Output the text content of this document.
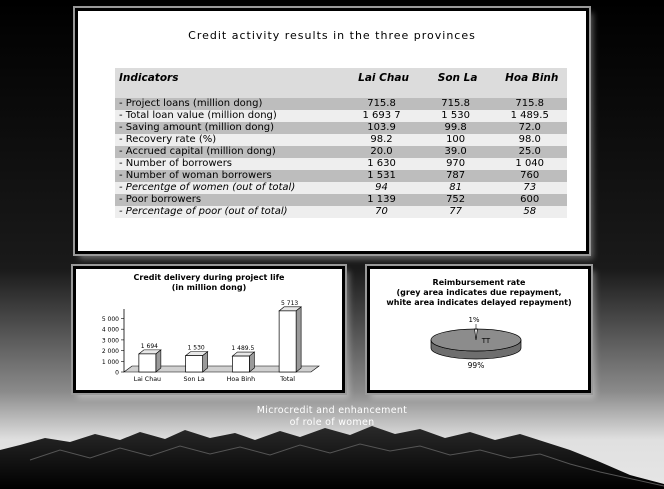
Credit activity results in the three provinces
Indicators	Lai Chau	Son La	Hoa Binh
- Project loans (million dong)	715.8	715.8	715.8
- Total loan value (million dong)	1 693 7	1 530	1 489.5
- Saving amount (million dong)	103.9	99.8	72.0
- Recovery rate (%)	98.2	100	98.0
- Accrued capital (million dong)	20.0	39.0	25.0
- Number of borrowers	1 630	970	1 040
- Number of woman borrowers	1 531	787	760
- Percentge of women (out of total)	94	81	73
- Poor borrowers	1 139	752	600
- Percentage of poor (out of total)	70	77	58
Credit delivery during project life
(in million dong)
0
1 000
2 000
3 000
4 000
5 000
1 694
Lai Chau
1 530
Son La
1 489.5
Hoa Binh
5 713
Total
Reimbursement rate
(grey area indicates due repayment,
white area indicates delayed repayment)
1%
TT
99%
Microcredit and enhancement
of role of women
